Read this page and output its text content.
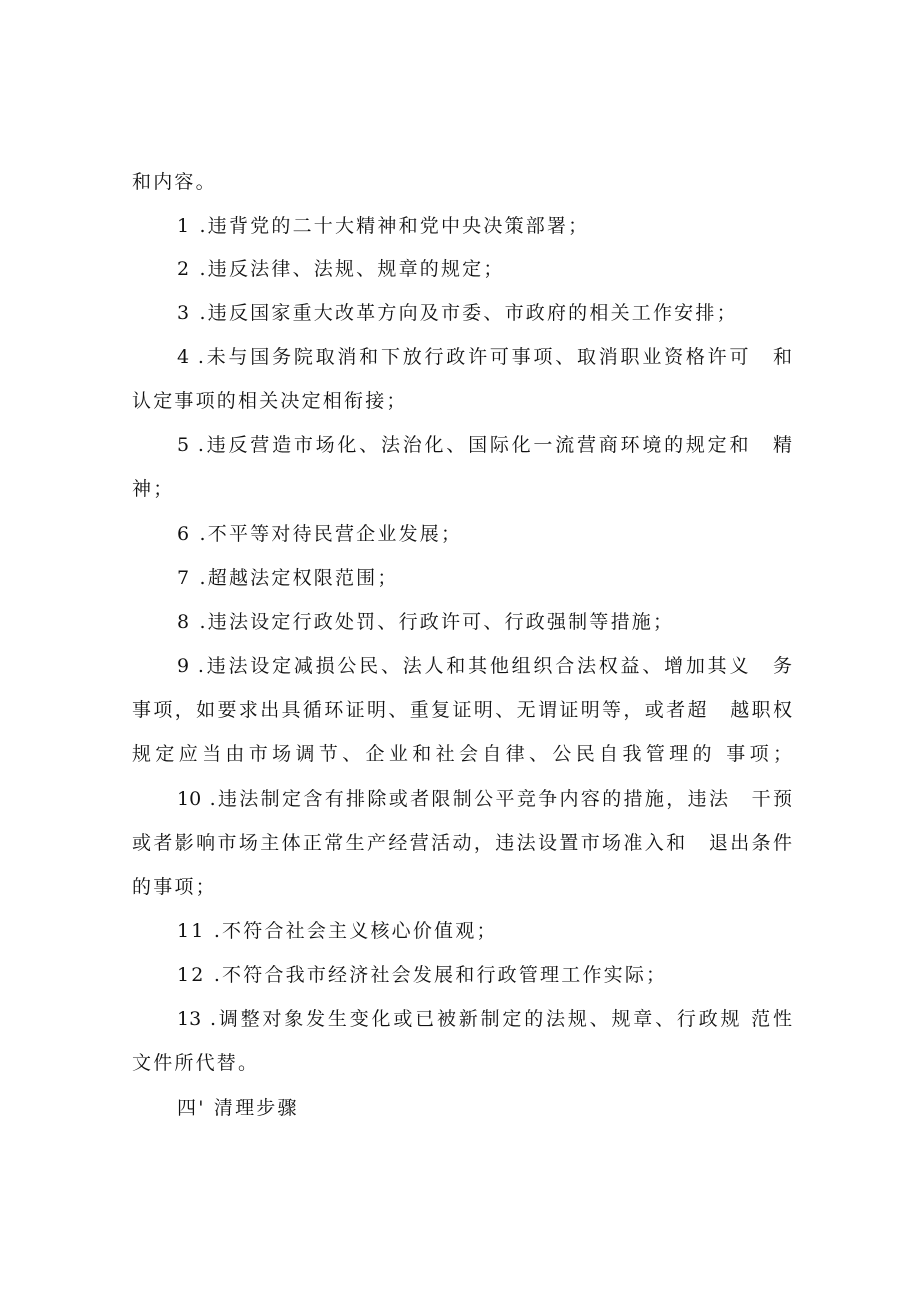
和内容。
1 .违背党的二十大精神和党中央决策部署；
2 .违反法律、法规、规章的规定；
3 .违反国家重大改革方向及市委、市政府的相关工作安排；
4 .未与国务院取消和下放行政许可事项、取消职业资格许可　和
认定事项的相关决定相衔接；
5 .违反营造市场化、法治化、国际化一流营商环境的规定和　精
神；
6 .不平等对待民营企业发展；
7 .超越法定权限范围；
8 .违法设定行政处罚、行政许可、行政强制等措施；
9 .违法设定减损公民、法人和其他组织合法权益、增加其义　务
事项，如要求出具循环证明、重复证明、无谓证明等，或者超　越职权
规定应当由市场调节、企业和社会自律、公民自我管理的 事项；
10 .违法制定含有排除或者限制公平竞争内容的措施，违法　干预
或者影响市场主体正常生产经营活动，违法设置市场准入和　退出条件
的事项；
11 .不符合社会主义核心价值观；
12 .不符合我市经济社会发展和行政管理工作实际；
13 .调整对象发生变化或已被新制定的法规、规章、行政规 范性
文件所代替。
四' 清理步骤
